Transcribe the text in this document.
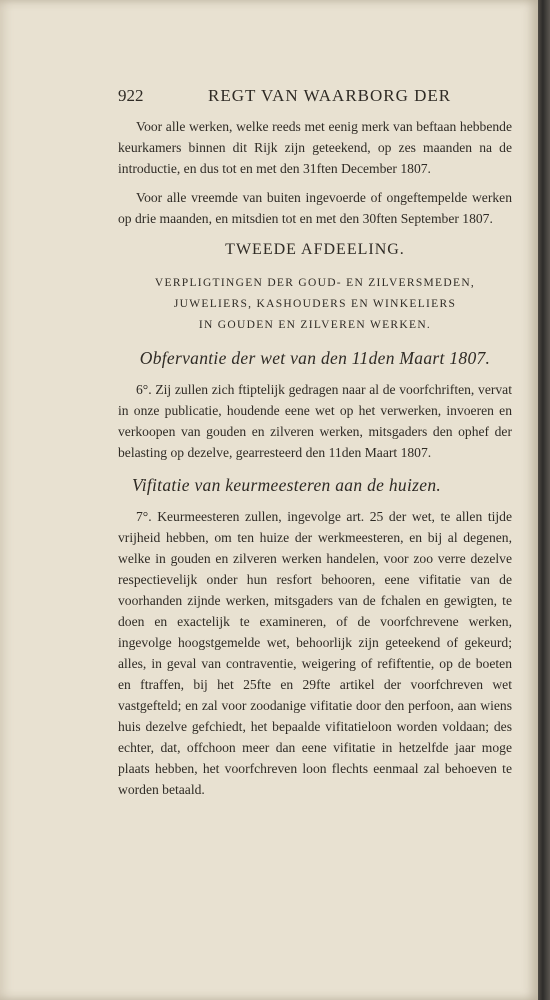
922	REGT VAN WAARBORG DER

Voor alle werken, welke reeds met eenig merk van beftaan hebbende keurkamers binnen dit Rijk zijn geteekend, op zes maanden na de introductie, en dus tot en met den 31ften December 1807.

Voor alle vreemde van buiten ingevoerde of ongeftempelde werken op drie maanden, en mitsdien tot en met den 30ften September 1807.

TWEEDE AFDEELING.
VERPLIGTINGEN DER GOUD- EN ZILVERSMEDEN,
JUWELIERS, KASHOUDERS EN WINKELIERS
IN GOUDEN EN ZILVEREN WERKEN.
Obfervantie der wet van den 11den Maart 1807.

6°. Zij zullen zich ftiptelijk gedragen naar al de voorfchriften, vervat in onze publicatie, houdende eene wet op het verwerken, invoeren en verkoopen van gouden en zilveren werken, mitsgaders den ophef der belasting op dezelve, gearresteerd den 11den Maart 1807.

Vifitatie van keurmeesteren aan de huizen.

7°. Keurmeesteren zullen, ingevolge art. 25 der wet, te allen tijde vrijheid hebben, om ten huize der werkmeesteren, en bij al degenen, welke in gouden en zilveren werken handelen, voor zoo verre dezelve respectievelijk onder hun resfort behooren, eene vifitatie van de voorhanden zijnde werken, mitsgaders van de fchalen en gewigten, te doen en exactelijk te examineren, of de voorfchrevene werken, ingevolge hoogstgemelde wet, behoorlijk zijn geteekend of gekeurd; alles, in geval van contraventie, weigering of refiftentie, op de boeten en ftraffen, bij het 25fte en 29fte artikel der voorfchreven wet vastgefteld; en zal voor zoodanige vifitatie door den perfoon, aan wiens huis dezelve gefchiedt, het bepaalde vifitatieloon worden voldaan; des echter, dat, offchoon meer dan eene vifitatie in hetzelfde jaar moge plaats hebben, het voorfchreven loon flechts eenmaal zal behoeven te worden betaald.
